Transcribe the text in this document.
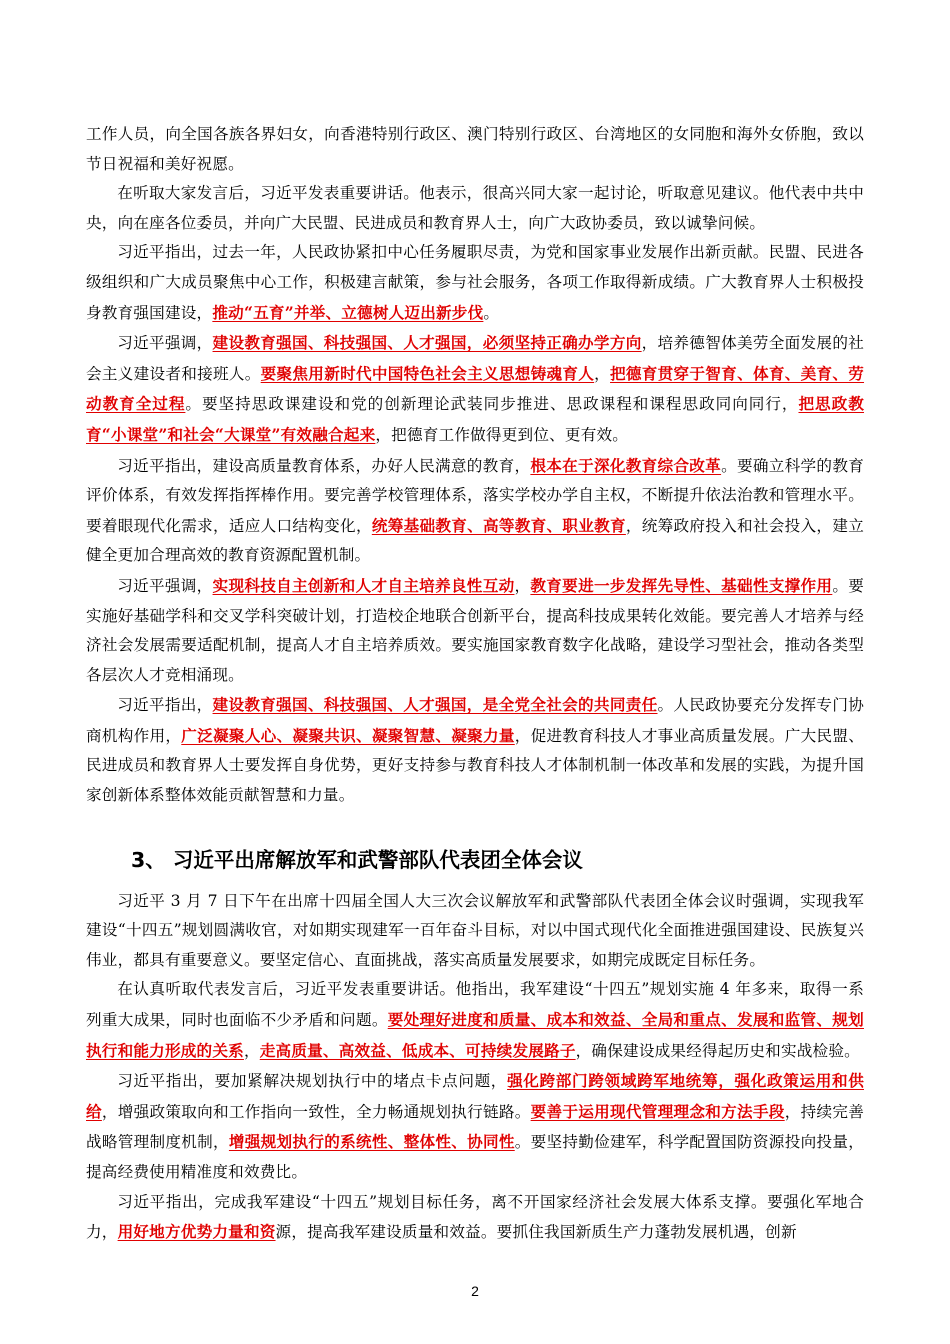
工作人员，向全国各族各界妇女，向香港特别行政区、澳门特别行政区、台湾地区的女同胞和海外女侨胞，致以节日祝福和美好祝愿。

在听取大家发言后，习近平发表重要讲话。他表示，很高兴同大家一起讨论，听取意见建议。他代表中共中央，向在座各位委员，并向广大民盟、民进成员和教育界人士，向广大政协委员，致以诚挚问候。

习近平指出，过去一年，人民政协紧扣中心任务履职尽责，为党和国家事业发展作出新贡献。民盟、民进各级组织和广大成员聚焦中心工作，积极建言献策，参与社会服务，各项工作取得新成绩。广大教育界人士积极投身教育强国建设，推动“五育”并举、立德树人迈出新步伐。

习近平强调，建设教育强国、科技强国、人才强国，必须坚持正确办学方向，培养德智体美劳全面发展的社会主义建设者和接班人。要聚焦用新时代中国特色社会主义思想铸魂育人，把德育贯穿于智育、体育、美育、劳动教育全过程。要坚持思政课建设和党的创新理论武装同步推进、思政课程和课程思政同向同行，把思政教育“小课堂”和社会“大课堂”有效融合起来，把德育工作做得更到位、更有效。

习近平指出，建设高质量教育体系，办好人民满意的教育，根本在于深化教育综合改革。要确立科学的教育评价体系，有效发挥指挥棒作用。要完善学校管理体系，落实学校办学自主权，不断提升依法治教和管理水平。要着眼现代化需求，适应人口结构变化，统筹基础教育、高等教育、职业教育，统筹政府投入和社会投入，建立健全更加合理高效的教育资源配置机制。

习近平强调，实现科技自主创新和人才自主培养良性互动，教育要进一步发挥先导性、基础性支撑作用。要实施好基础学科和交叉学科突破计划，打造校企地联合创新平台，提高科技成果转化效能。要完善人才培养与经济社会发展需要适配机制，提高人才自主培养质效。要实施国家教育数字化战略，建设学习型社会，推动各类型各层次人才竞相涌现。

习近平指出，建设教育强国、科技强国、人才强国，是全党全社会的共同责任。人民政协要充分发挥专门协商机构作用，广泛凝聚人心、凝聚共识、凝聚智慧、凝聚力量，促进教育科技人才事业高质量发展。广大民盟、民进成员和教育界人士要发挥自身优势，更好支持参与教育科技人才体制机制一体改革和发展的实践，为提升国家创新体系整体效能贡献智慧和力量。

3、 习近平出席解放军和武警部队代表团全体会议

习近平 3 月 7 日下午在出席十四届全国人大三次会议解放军和武警部队代表团全体会议时强调，实现我军建设“十四五”规划圆满收官，对如期实现建军一百年奋斗目标，对以中国式现代化全面推进强国建设、民族复兴伟业，都具有重要意义。要坚定信心、直面挑战，落实高质量发展要求，如期完成既定目标任务。

在认真听取代表发言后，习近平发表重要讲话。他指出，我军建设“十四五”规划实施 4 年多来，取得一系列重大成果，同时也面临不少矛盾和问题。要处理好进度和质量、成本和效益、全局和重点、发展和监管、规划执行和能力形成的关系，走高质量、高效益、低成本、可持续发展路子，确保建设成果经得起历史和实战检验。

习近平指出，要加紧解决规划执行中的堵点卡点问题，强化跨部门跨领域跨军地统筹，强化政策运用和供给，增强政策取向和工作指向一致性，全力畅通规划执行链路。要善于运用现代管理理念和方法手段，持续完善战略管理制度机制，增强规划执行的系统性、整体性、协同性。要坚持勤俭建军，科学配置国防资源投向投量，提高经费使用精准度和效费比。

习近平指出，完成我军建设“十四五”规划目标任务，离不开国家经济社会发展大体系支撑。要强化军地合力，用好地方优势力量和资源，提高我军建设质量和效益。要抓住我国新质生产力蓬勃发展机遇，创新

2
